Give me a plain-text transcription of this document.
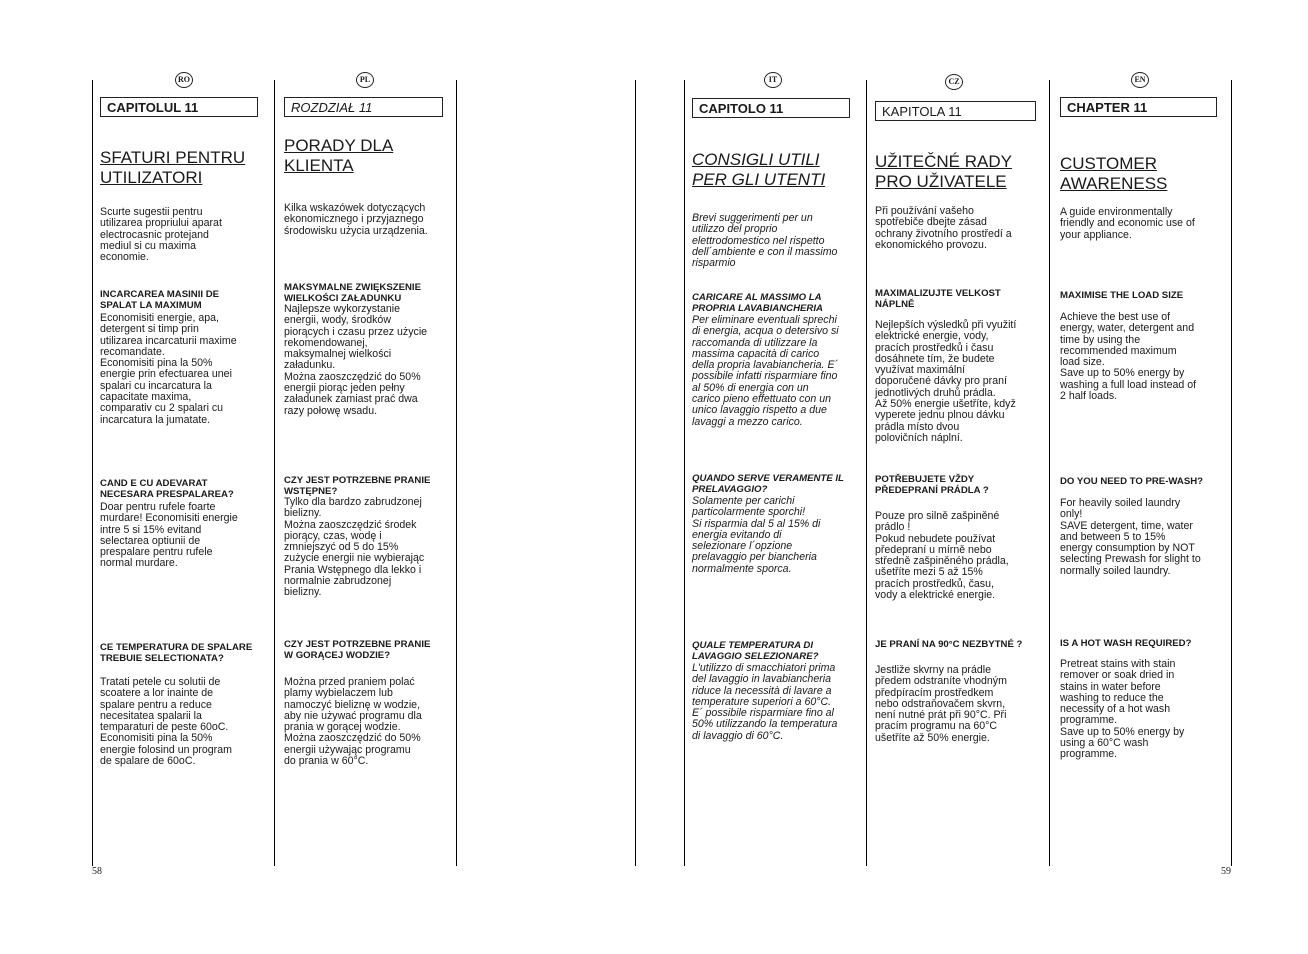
RO
CAPITOLUL 11
SFATURI PENTRU
UTILIZATORI

Scurte sugestii pentru
utilizarea propriului aparat
electrocasnic protejand
mediul si cu maxima
economie.

INCARCAREA MASINII DE
SPALAT LA MAXIMUM

Economisiti energie, apa,
detergent si timp prin
utilizarea incarcaturii maxime
recomandate.
Economisiti pina la 50%
energie prin efectuarea unei
spalari cu incarcatura la
capacitate maxima,
comparativ cu 2 spalari cu
incarcatura la jumatate.

CAND E CU ADEVARAT
NECESARA PRESPALAREA?

Doar pentru rufele foarte
murdare! Economisiti energie
intre 5 si 15% evitand
selectarea optiunii de
prespalare pentru rufele
normal murdare.

CE TEMPERATURA DE SPALARE
TREBUIE SELECTIONATA?

Tratati petele cu solutii de
scoatere a lor inainte de
spalare pentru a reduce
necesitatea spalarii la
temparaturi de peste 60oC.
Economisiti pina la 50%
energie folosind un program
de spalare de 60oC.

PL
ROZDZIAŁ 11
PORADY DLA
KLIENTA

Kilka wskazówek dotyczących
ekonomicznego i przyjaznego
środowisku użycia urządzenia.

MAKSYMALNE ZWIĘKSZENIE
WIELKOŚCI ZAŁADUNKU

Najlepsze wykorzystanie
energii, wody, środków
piorących i czasu przez użycie
rekomendowanej,
maksymalnej wielkości
załadunku.
Można zaoszczędzić do 50%
energii piorąc jeden pełny
załadunek zamiast prać dwa
razy połowę wsadu.

CZY JEST POTRZEBNE PRANIE
WSTĘPNE?

Tylko dla bardzo zabrudzonej
bielizny.
Można zaoszczędzić środek
piorący, czas, wodę i
zmniejszyć od 5 do 15%
zużycie energii nie wybierając
Prania Wstępnego dla lekko i
normalnie zabrudzonej
bielizny.

CZY JEST POTRZEBNE PRANIE
W GORĄCEJ WODZIE?

Można przed praniem polać
plamy wybielaczem lub
namoczyć bieliznę w wodzie,
aby nie używać programu dla
prania w gorącej wodzie.
Można zaoszczędzić do 50%
energii używając programu
do prania w 60°C.

IT
CAPITOLO 11
CONSIGLI UTILI
PER GLI UTENTI

Brevi suggerimenti per un
utilizzo del proprio
elettrodomestico nel rispetto
dell´ambiente e con il massimo
risparmio

CARICARE AL MASSIMO LA
PROPRIA LAVABIANCHERIA

Per eliminare eventuali sprechi
di energia, acqua o detersivo si
raccomanda di utilizzare la
massima capacità di carico
della propria lavabiancheria. E´
possibile infatti risparmiare fino
al 50% di energia con un
carico pieno effettuato con un
unico lavaggio rispetto a due
lavaggi a mezzo carico.

QUANDO SERVE VERAMENTE IL
PRELAVAGGIO?

Solamente per carichi
particolarmente sporchi!
Si risparmia dal 5 al 15% di
energia evitando di
selezionare l´opzione
prelavaggio per biancheria
normalmente sporca.

QUALE TEMPERATURA DI
LAVAGGIO SELEZIONARE?

L'utilizzo di smacchiatori prima
del lavaggio in lavabiancheria
riduce la necessità di lavare a
temperature superiori a 60°C.
E´ possibile risparmiare fino al
50% utilizzando la temperatura
di lavaggio di 60°C.

CZ
KAPITOLA 11
UŽITEČNÉ RADY
PRO UŽIVATELE

Při používání vašeho
spotřebiče dbejte zásad
ochrany životního prostředí a
ekonomického provozu.

MAXIMALIZUJTE VELKOST
NÁPLNĚ

Nejlepších výsledků při využití
elektrické energie, vody,
pracích prostředků i času
dosáhnete tím, že budete
využívat maximální
doporučené dávky pro praní
jednotlivých druhů prádla.
Až 50% energie ušetříte, když
vyperete jednu plnou dávku
prádla místo dvou
polovičních náplní.

POTŘEBUJETE VŽDY
PŘEDEPRANÍ PRÁDLA ?

Pouze pro silně zašpiněné
prádlo !
Pokud nebudete používat
předepraní u mírně nebo
středně zašpiněného prádla,
ušetříte mezi 5 až 15%
pracích prostředků, času,
vody a elektrické energie.

JE PRANÍ NA 90°C NEZBYTNÉ ?

Jestliže skvrny na prádle
předem odstraníte vhodným
předpíracím prostředkem
nebo odstraňovačem skvrn,
není nutné prát při 90°C. Při
pracím programu na 60°C
ušetříte až 50% energie.

EN
CHAPTER 11
CUSTOMER
AWARENESS

A guide environmentally
friendly and economic use of
your appliance.

MAXIMISE THE LOAD SIZE

Achieve the best use of
energy, water, detergent and
time by using the
recommended maximum
load size.
Save up to 50% energy by
washing a full load instead of
2 half loads.

DO YOU NEED TO PRE-WASH?

For heavily soiled laundry
only!
SAVE detergent, time, water
and between 5 to 15%
energy consumption by NOT
selecting Prewash for slight to
normally soiled laundry.

IS A HOT WASH REQUIRED?

Pretreat stains with stain
remover or soak dried in
stains in water before
washing to reduce the
necessity of a hot wash
programme.
Save up to 50% energy by
using a 60°C wash
programme.

58	59
